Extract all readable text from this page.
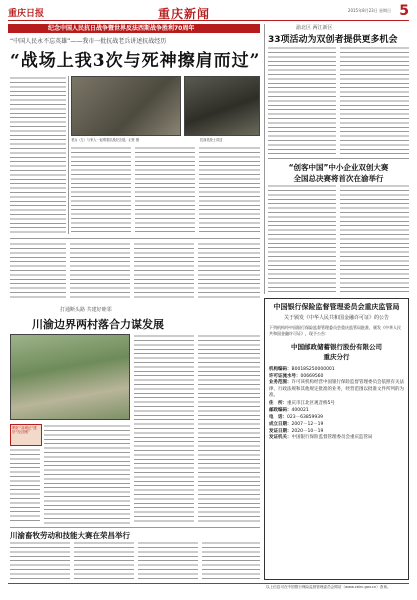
重庆日报	重庆新闻	2015年8月23日 星期日 5
纪念中国人民抗日战争暨世界反法西斯战争胜利70周年
“中国人民永不忘英雄”——我市一批抗战老兵讲述抗战经历
“战场上我3次与死神擦肩而过”
老兵（左）与家人一起观看抗战纪念展。记者 摄	抗战老战士讲述
渝北区 两江新区
33项活动为双创者提供更多机会
“创客中国”中小企业双创大赛
全国总决赛将首次在渝举行
打通断头路 共建好睦邻
川渝边界两村落合力谋发展
唱好“双城记”建好“经济圈”
川渝畜牧劳动和技能大赛在荣昌举行
中国银行保险监督管理委员会重庆监管局
关于颁发《中华人民共和国金融许可证》的公告
下列机构经中国银行保险监督管理委员会重庆监管局批准，颁发《中华人民共和国金融许可证》，现予公告：
中国邮政储蓄银行股份有限公司
重庆分行
机构编码：B0018S250000001
许可证流水号：00669560
业务范围：许可该机构经营中国银行保险监督管理委员会依照有关法律、行政法规和其他规定批准的业务，经营范围以批准文件所列的为准。
住　所：重庆市江北区观音桥5号
邮政编码：400021
电　话：023－63859939
成立日期：2007－12－19
发证日期：2020－10－19
发证机关：中国银行保险监督管理委员会重庆监管局
以上信息可在中国银行保险监督管理委员会网站（www.cbirc.gov.cn）查询。
